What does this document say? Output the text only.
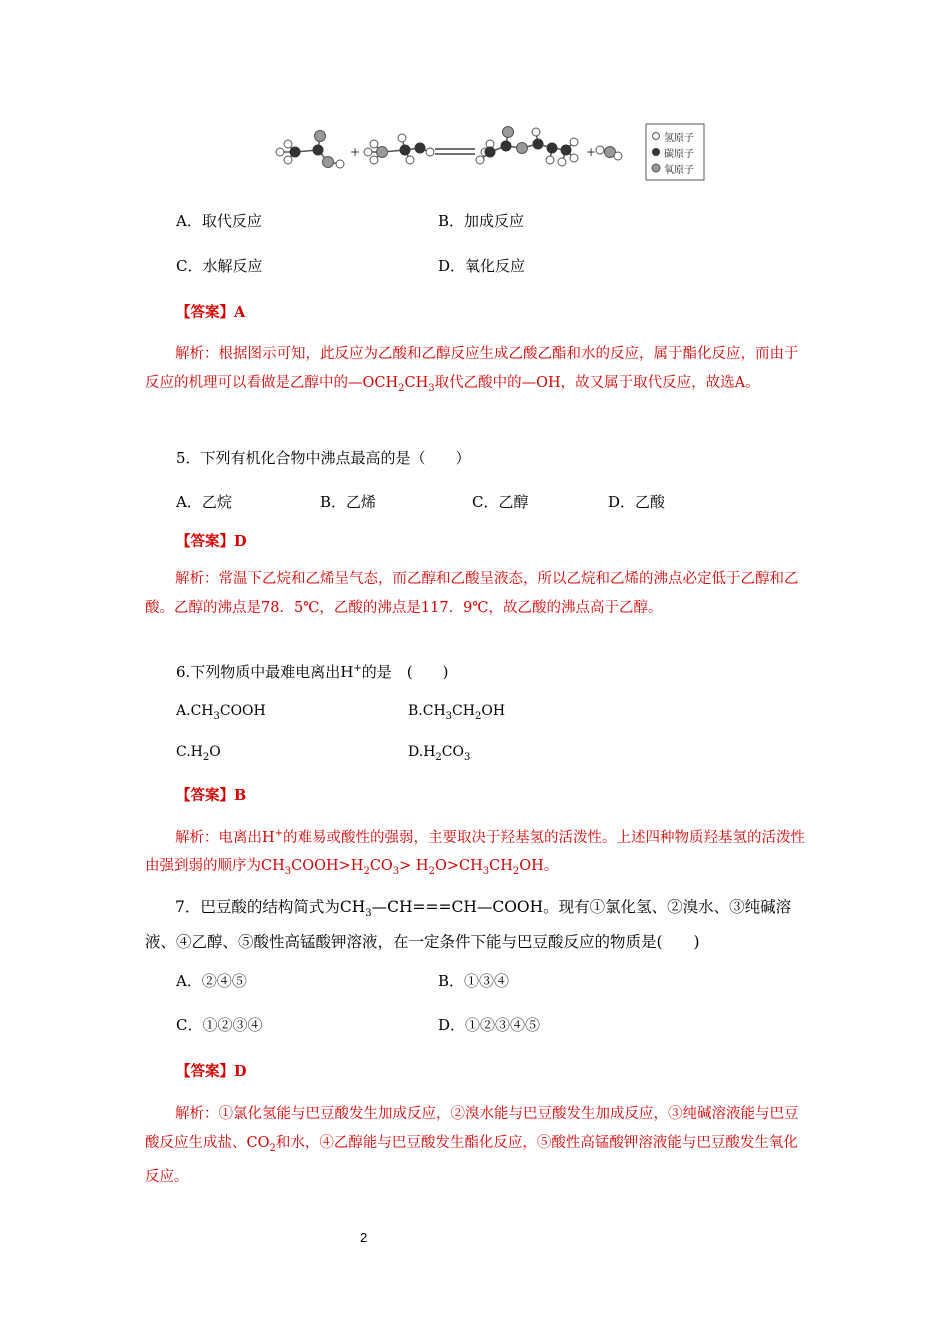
+	+
氢原子
碳原子
氧原子
A．取代反应	B．加成反应
C．水解反应	D．氧化反应
【答案】A
解析：根据图示可知，此反应为乙酸和乙醇反应生成乙酸乙酯和水的反应，属于酯化反应，而由于反应的机理可以看做是乙醇中的$—OCH_2CH_3$取代乙酸中的—OH，故又属于取代反应，故选A。
5．下列有机化合物中沸点最高的是（　　）
A．乙烷	B．乙烯	C．乙醇	D．乙酸
【答案】D
解析：常温下乙烷和乙烯呈气态，而乙醇和乙酸呈液态，所以乙烷和乙烯的沸点必定低于乙醇和乙酸。乙醇的沸点是78．5℃，乙酸的沸点是117．9℃，故乙酸的沸点高于乙醇。
6.下列物质中最难电离出H+的是　(　　)
$A.CH_3COOH$	$B.CH_3CH_2OH$
$C.H_2O$	$D.H_2CO_3$
【答案】B
解析：电离出H+的难易或酸性的强弱，主要取决于羟基氢的活泼性。上述四种物质羟基氢的活泼性由强到弱的顺序为$CH_3COOH>H_2CO_3> H_2O>CH_3CH_2OH$。
7．巴豆酸的结构简式为$CH_3—CH===CH—COOH$。现有①氯化氢、②溴水、③纯碱溶液、④乙醇、⑤酸性高锰酸钾溶液，在一定条件下能与巴豆酸反应的物质是(　　)
A．②④⑤	B．①③④
C．①②③④	D．①②③④⑤
【答案】D
解析：①氯化氢能与巴豆酸发生加成反应，②溴水能与巴豆酸发生加成反应，③纯碱溶液能与巴豆酸反应生成盐、$CO_2$和水，④乙醇能与巴豆酸发生酯化反应，⑤酸性高锰酸钾溶液能与巴豆酸发生氧化反应。
2
